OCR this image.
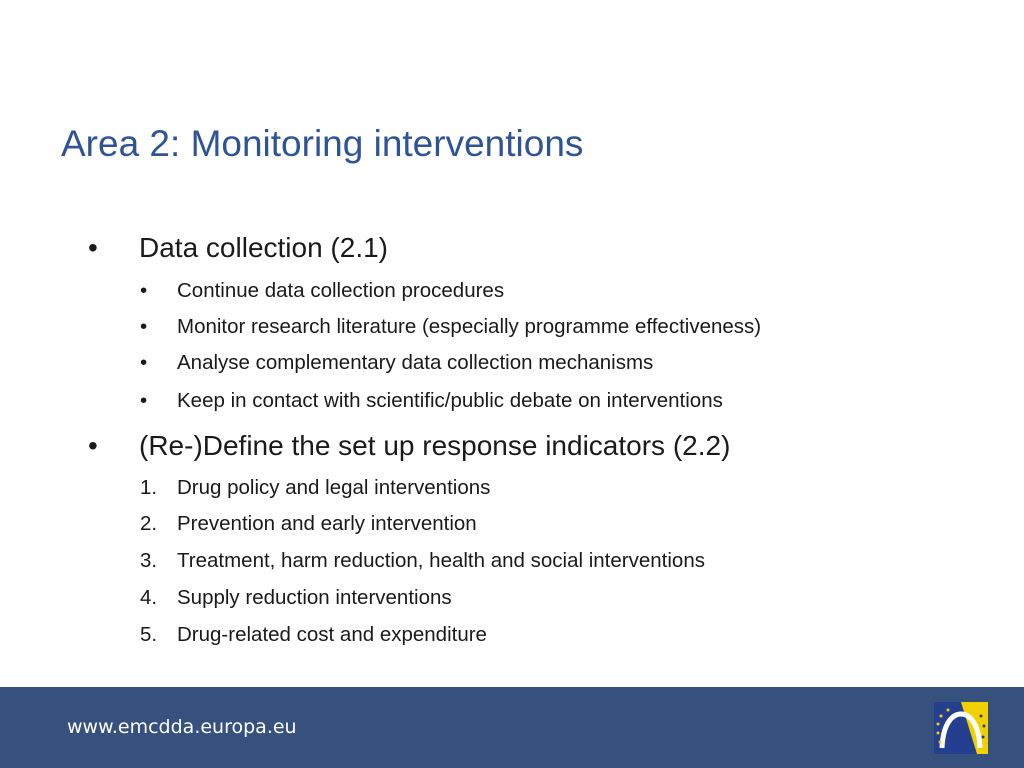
Area 2: Monitoring interventions
• Data collection (2.1)
• Continue data collection procedures
• Monitor research literature (especially programme effectiveness)
• Analyse complementary data collection mechanisms
• Keep in contact with scientific/public debate on interventions
• (Re-)Define the set up response indicators (2.2)
1. Drug policy and legal interventions
2. Prevention and early intervention
3. Treatment, harm reduction, health and social interventions
4. Supply reduction interventions
5. Drug-related cost and expenditure
www.emcdda.europa.eu
